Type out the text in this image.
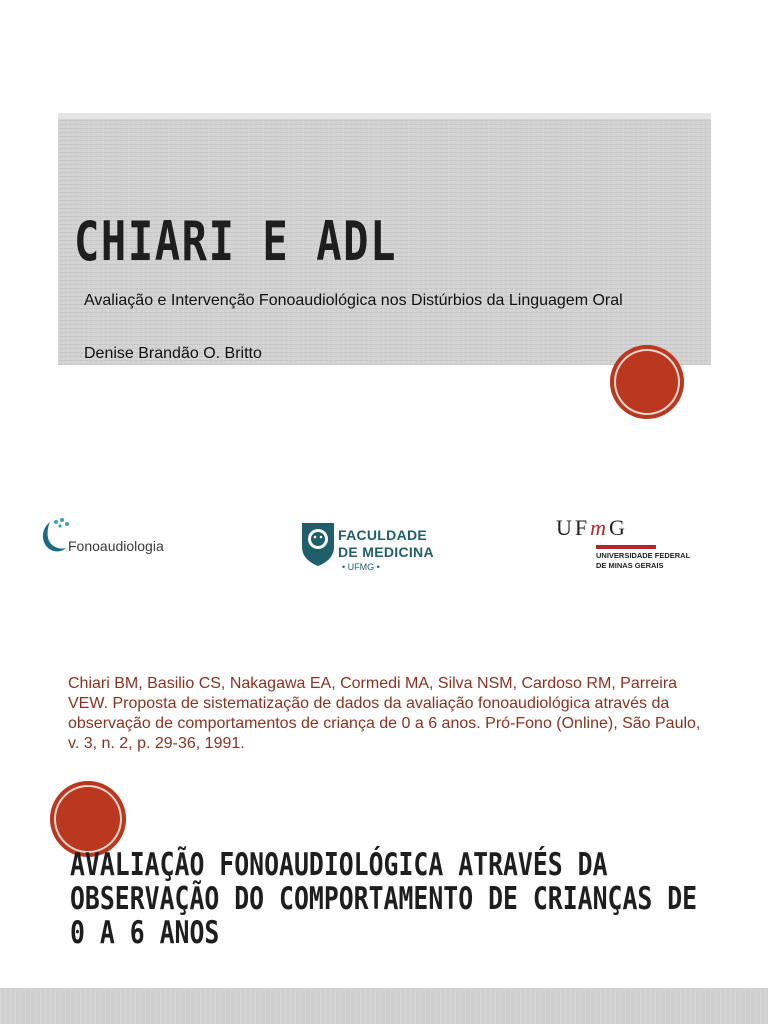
CHIARI E ADL
Avaliação e Intervenção Fonoaudiológica nos Distúrbios da Linguagem Oral
Denise Brandão O. Britto
Fonoaudiologia
FACULDADE
DE MEDICINA
• UFMG •
UFmG
UNIVERSIDADE FEDERAL
DE MINAS GERAIS

Chiari BM, Basilio CS, Nakagawa EA, Cormedi MA, Silva NSM, Cardoso RM, Parreira VEW. Proposta de sistematização de dados da avaliação fonoaudiológica através da observação de comportamentos de criança de 0 a 6 anos. Pró-Fono (Online), São Paulo, v. 3, n. 2, p. 29-36, 1991.

AVALIAÇÃO FONOAUDIOLÓGICA ATRAVÉS DA OBSERVAÇÃO DO COMPORTAMENTO DE CRIANÇAS DE 0 A 6 ANOS
